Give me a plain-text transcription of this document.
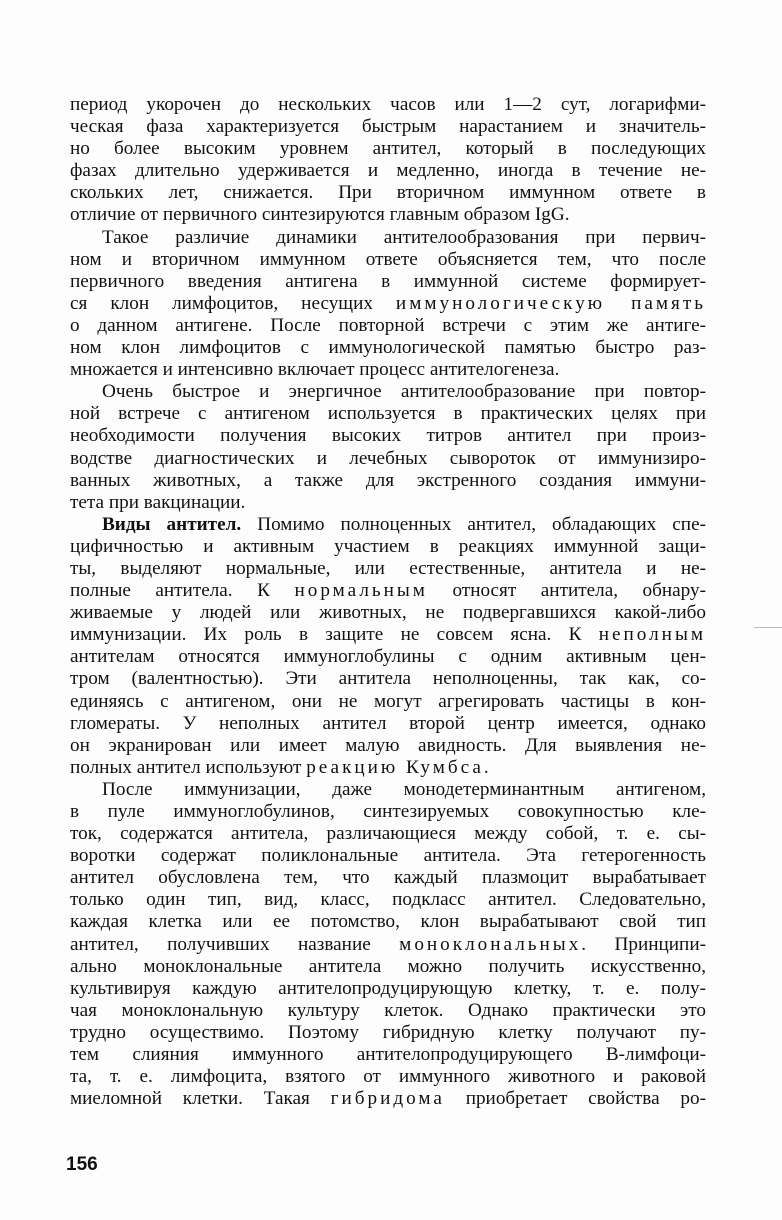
период укорочен до нескольких часов или 1—2 сут, логарифми-
ческая фаза характеризуется быстрым нарастанием и значитель-
но более высоким уровнем антител, который в последующих
фазах длительно удерживается и медленно, иногда в течение не-
скольких лет, снижается. При вторичном иммунном ответе в
отличие от первичного синтезируются главным образом IgG.
Такое различие динамики антителообразования при первич-
ном и вторичном иммунном ответе объясняется тем, что после
первичного введения антигена в иммунной системе формирует-
ся клон лимфоцитов, несущих иммунологическую память
о данном антигене. После повторной встречи с этим же антиге-
ном клон лимфоцитов с иммунологической памятью быстро раз-
множается и интенсивно включает процесс антителогенеза.
Очень быстрое и энергичное антителообразование при повтор-
ной встрече с антигеном используется в практических целях при
необходимости получения высоких титров антител при произ-
водстве диагностических и лечебных сывороток от иммунизиро-
ванных животных, а также для экстренного создания иммуни-
тета при вакцинации.
Виды антител. Помимо полноценных антител, обладающих спе-
цифичностью и активным участием в реакциях иммунной защи-
ты, выделяют нормальные, или естественные, антитела и не-
полные антитела. К нормальным относят антитела, обнару-
живаемые у людей или животных, не подвергавшихся какой-либо
иммунизации. Их роль в защите не совсем ясна. К неполным
антителам относятся иммуноглобулины с одним активным цен-
тром (валентностью). Эти антитела неполноценны, так как, со-
единяясь с антигеном, они не могут агрегировать частицы в кон-
гломераты. У неполных антител второй центр имеется, однако
он экранирован или имеет малую авидность. Для выявления не-
полных антител используют реакцию Кумбса.
После иммунизации, даже монодетерминантным антигеном,
в пуле иммуноглобулинов, синтезируемых совокупностью кле-
ток, содержатся антитела, различающиеся между собой, т. е. сы-
воротки содержат поликлональные антитела. Эта гетерогенность
антител обусловлена тем, что каждый плазмоцит вырабатывает
только один тип, вид, класс, подкласс антител. Следовательно,
каждая клетка или ее потомство, клон вырабатывают свой тип
антител, получивших название моноклональных. Принципи-
ально моноклональные антитела можно получить искусственно,
культивируя каждую антителопродуцирующую клетку, т. е. полу-
чая моноклональную культуру клеток. Однако практически это
трудно осуществимо. Поэтому гибридную клетку получают пу-
тем слияния иммунного антителопродуцирующего В-лимфоци-
та, т. е. лимфоцита, взятого от иммунного животного и раковой
миеломной клетки. Такая гибридома приобретает свойства ро-
156
